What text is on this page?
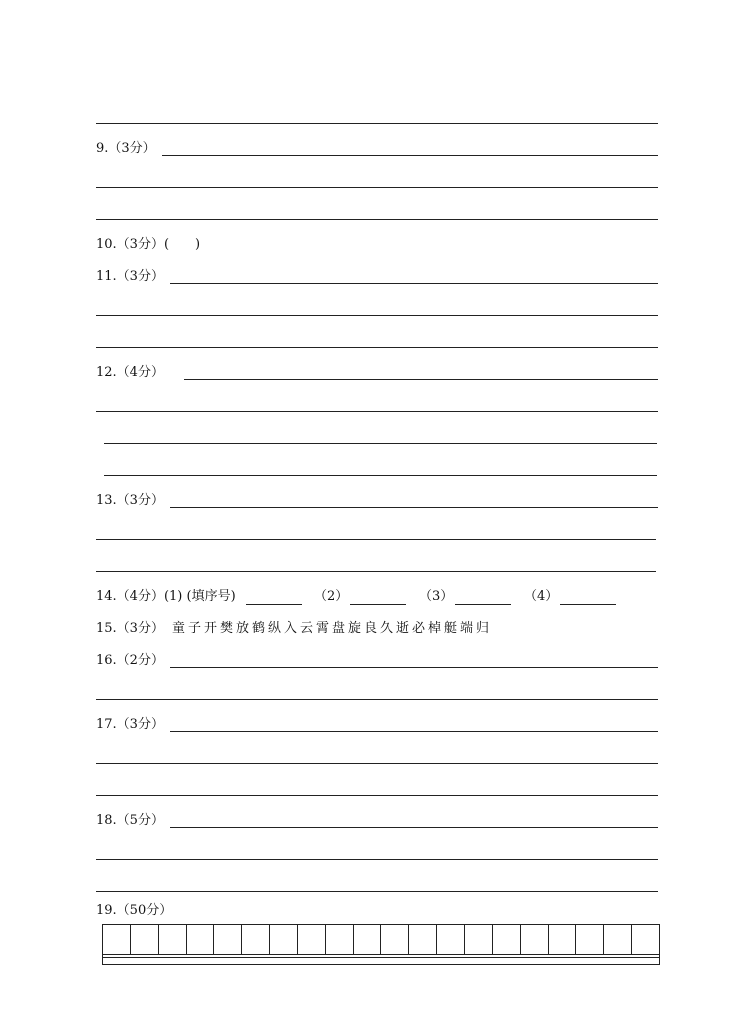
9.（3分）
10.（3分）(　　)
11.（3分）
12.（4分）
13.（3分）
14.（4分）(1) (填序号)	（2）	（3）	（4）
15.（3分） 童子开樊放鹤纵入云霄盘旋良久逝必棹艇端归
16.（2分）
17.（3分）
18.（5分）
19.（50分）
